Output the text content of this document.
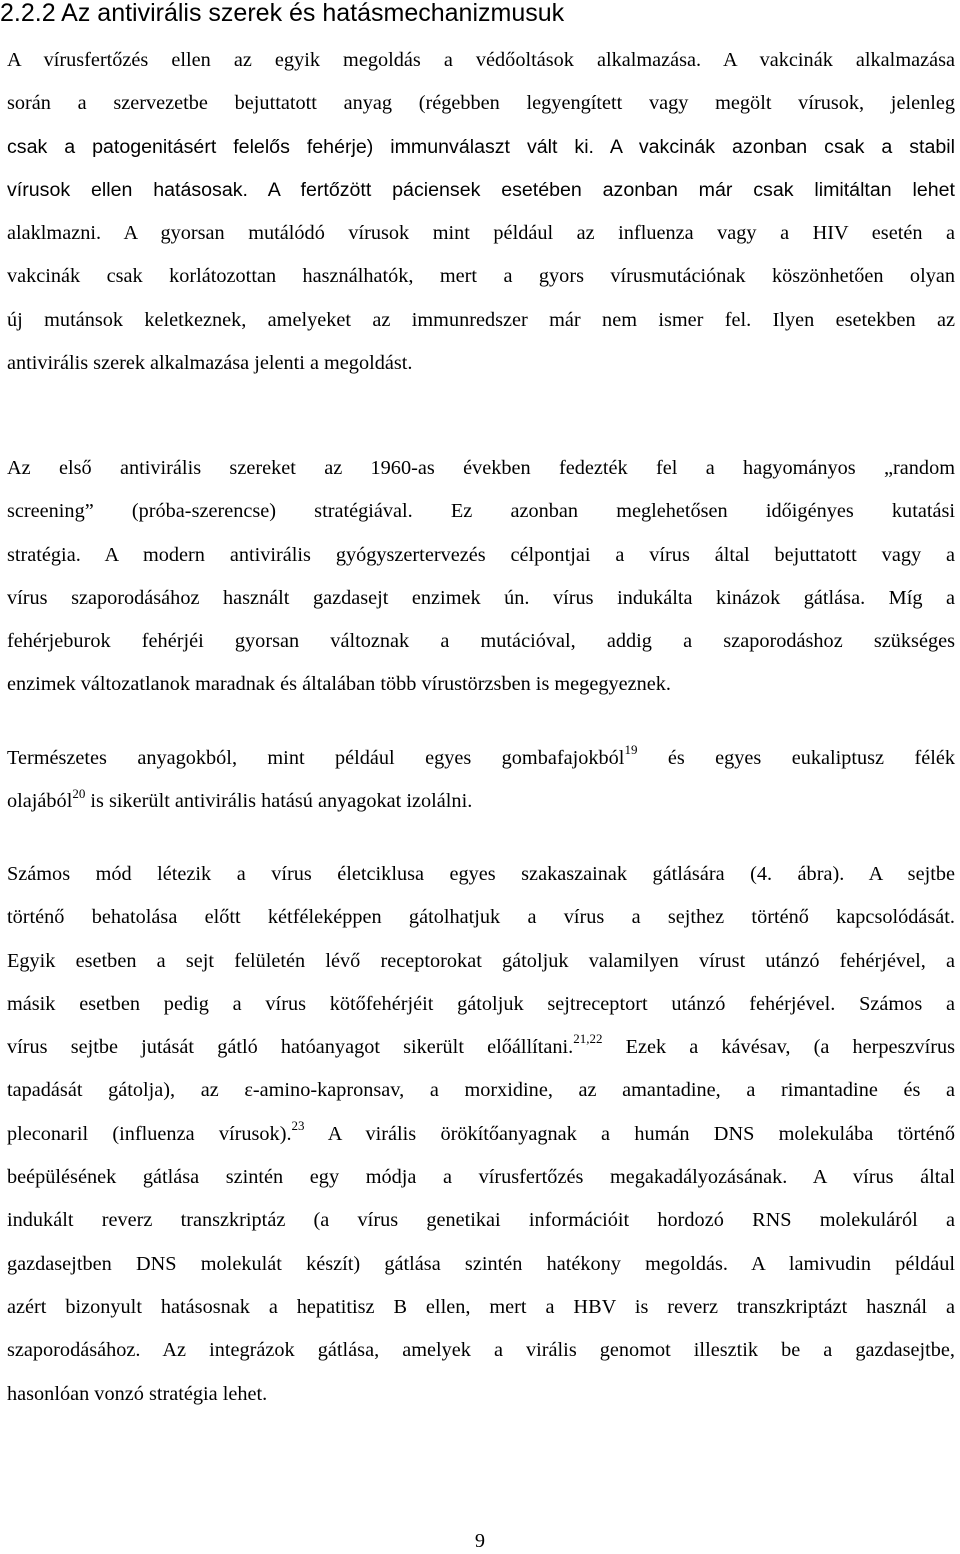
2.2.2 Az antivirális szerek és hatásmechanizmusuk
A vírusfertőzés ellen az egyik megoldás a védőoltások alkalmazása. A vakcinák alkalmazása
során a szervezetbe bejuttatott anyag (régebben legyengített vagy megölt vírusok, jelenleg
csak a patogenitásért felelős fehérje) immunválaszt vált ki. A vakcinák azonban csak a stabil
vírusok ellen hatásosak. A fertőzött páciensek esetében azonban már csak limitáltan lehet
alaklmazni. A gyorsan mutálódó vírusok mint például az influenza vagy a HIV esetén a
vakcinák csak korlátozottan használhatók, mert a gyors vírusmutációnak köszönhetően olyan
új mutánsok keletkeznek, amelyeket az immunredszer már nem ismer fel. Ilyen esetekben az
antivirális szerek alkalmazása jelenti a megoldást.
Az első antivirális szereket az 1960-as években fedezték fel a hagyományos „random
screening” (próba-szerencse) stratégiával. Ez azonban meglehetősen időigényes kutatási
stratégia. A modern antivirális gyógyszertervezés célpontjai a vírus által bejuttatott vagy a
vírus szaporodásához használt gazdasejt enzimek ún. vírus indukálta kinázok gátlása. Míg a
fehérjeburok fehérjéi gyorsan változnak a mutációval, addig a szaporodáshoz szükséges
enzimek változatlanok maradnak és általában több vírustörzsben is megegyeznek.
Természetes anyagokból, mint például egyes gombafajokból$^{19}$ és egyes eukaliptusz félék
olajából$^{20}$ is sikerült antivirális hatású anyagokat izolálni.
Számos mód létezik a vírus életciklusa egyes szakaszainak gátlására (4. ábra). A sejtbe
történő behatolása előtt kétféleképpen gátolhatjuk a vírus a sejthez történő kapcsolódását.
Egyik esetben a sejt felületén lévő receptorokat gátoljuk valamilyen vírust utánzó fehérjével, a
másik esetben pedig a vírus kötőfehérjéit gátoljuk sejtreceptort utánzó fehérjével. Számos a
vírus sejtbe jutását gátló hatóanyagot sikerült előállítani.$^{21,22}$ Ezek a kávésav, (a herpeszvírus
tapadását gátolja), az ε-amino-kapronsav, a morxidine, az amantadine, a rimantadine és a
pleconaril (influenza vírusok).$^{23}$ A virális örökítőanyagnak a humán DNS molekulába történő
beépülésének gátlása szintén egy módja a vírusfertőzés megakadályozásának. A vírus által
indukált reverz transzkriptáz (a vírus genetikai információit hordozó RNS molekuláról a
gazdasejtben DNS molekulát készít) gátlása szintén hatékony megoldás. A lamivudin például
azért bizonyult hatásosnak a hepatitisz B ellen, mert a HBV is reverz transzkriptázt használ a
szaporodásához. Az integrázok gátlása, amelyek a virális genomot illesztik be a gazdasejtbe,
hasonlóan vonzó stratégia lehet.
9
